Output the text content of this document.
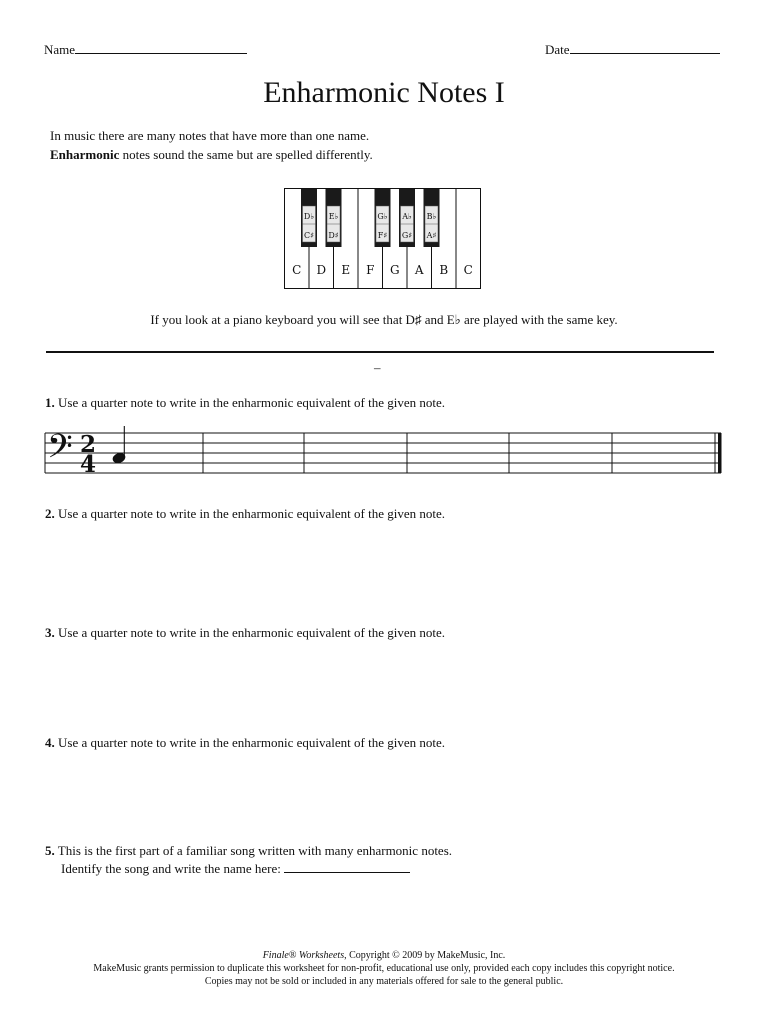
Name	Date
Enharmonic Notes I
In music there are many notes that have more than one name.
Enharmonic notes sound the same but are spelled differently.
C D E F G A B C
D♭
C♯
E♭
D♯
G♭
F♯
A♭
G♯
B♭
A♯
If you look at a piano keyboard you will see that D♯ and E♭ are played with the same key.
–
1. Use a quarter note to write in the enharmonic equivalent of the given note.
𝄢 2
4
2. Use a quarter note to write in the enharmonic equivalent of the given note.
3. Use a quarter note to write in the enharmonic equivalent of the given note.
4. Use a quarter note to write in the enharmonic equivalent of the given note.
5. This is the first part of a familiar song written with many enharmonic notes.
Identify the song and write the name here:
Finale® Worksheets, Copyright © 2009 by MakeMusic, Inc.
MakeMusic grants permission to duplicate this worksheet for non-profit, educational use only, provided each copy includes this copyright notice.
Copies may not be sold or included in any materials offered for sale to the general public.
